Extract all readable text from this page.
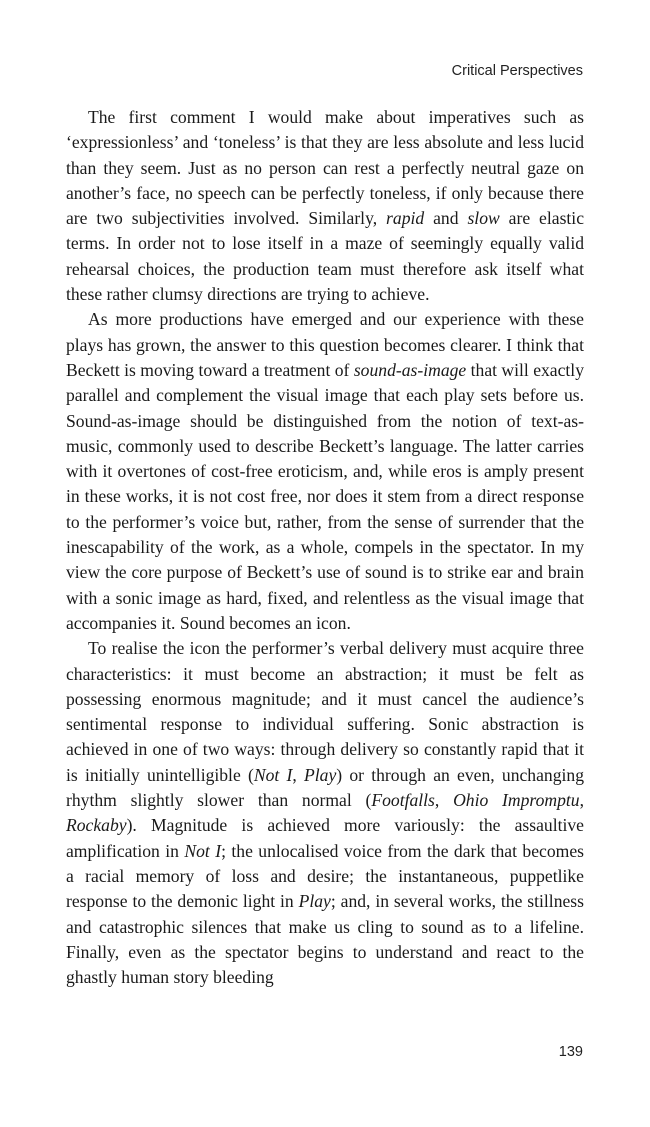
Critical Perspectives

The first comment I would make about imperatives such as ‘expressionless’ and ‘toneless’ is that they are less absolute and less lucid than they seem. Just as no person can rest a perfectly neutral gaze on another’s face, no speech can be perfectly toneless, if only because there are two subjectivities involved. Similarly, rapid and slow are elastic terms. In order not to lose itself in a maze of seemingly equally valid rehearsal choices, the production team must therefore ask itself what these rather clumsy directions are trying to achieve.

As more productions have emerged and our experience with these plays has grown, the answer to this question becomes clearer. I think that Beckett is moving toward a treatment of sound-as-image that will exactly parallel and complement the visual image that each play sets before us. Sound-as-image should be distinguished from the notion of text-as-music, commonly used to describe Beckett’s language. The latter carries with it overtones of cost-free eroticism, and, while eros is amply present in these works, it is not cost free, nor does it stem from a direct response to the performer’s voice but, rather, from the sense of surrender that the inescapability of the work, as a whole, compels in the spectator. In my view the core purpose of Beckett’s use of sound is to strike ear and brain with a sonic image as hard, fixed, and relentless as the visual image that accompanies it. Sound becomes an icon.

To realise the icon the performer’s verbal delivery must acquire three characteristics: it must become an abstraction; it must be felt as possessing enormous magnitude; and it must cancel the audience’s sentimental response to individual suffering. Sonic abstraction is achieved in one of two ways: through delivery so constantly rapid that it is initially unintelligible (Not I, Play) or through an even, unchanging rhythm slightly slower than normal (Footfalls, Ohio Impromptu, Rockaby). Magnitude is achieved more variously: the assaultive amplification in Not I; the unlocalised voice from the dark that becomes a racial memory of loss and desire; the instantaneous, puppetlike response to the demonic light in Play; and, in several works, the stillness and catastrophic silences that make us cling to sound as to a lifeline. Finally, even as the spectator begins to understand and react to the ghastly human story bleeding

139
